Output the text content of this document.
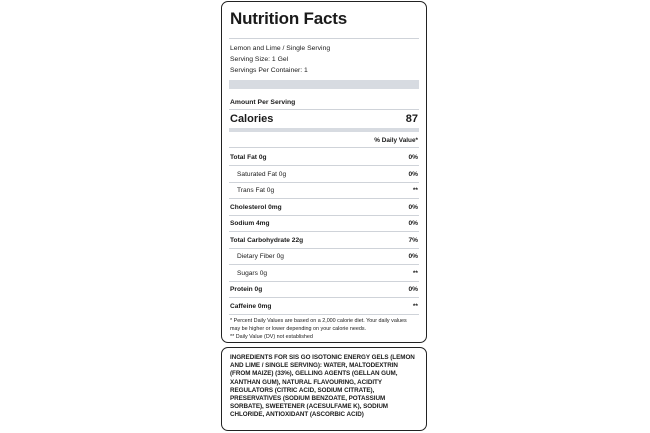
Nutrition Facts
Lemon and Lime / Single Serving
Serving Size: 1 Gel
Servings Per Container: 1
Amount Per Serving
Calories	87
% Daily Value*
Total Fat 0g	0%
Saturated Fat 0g	0%
Trans Fat 0g	**
Cholesterol 0mg	0%
Sodium 4mg	0%
Total Carbohydrate 22g	7%
Dietary Fiber 0g	0%
Sugars 0g	**
Protein 0g	0%
Caffeine 0mg	**
* Percent Daily Values are based on a 2,000 calorie diet. Your daily values may be higher or lower depending on your calorie needs.
** Daily Value (DV) not established
INGREDIENTS FOR SIS GO ISOTONIC ENERGY GELS (LEMON AND LIME / SINGLE SERVING): WATER, MALTODEXTRIN (FROM MAIZE) (33%), GELLING AGENTS (GELLAN GUM, XANTHAN GUM), NATURAL FLAVOURING, ACIDITY REGULATORS (CITRIC ACID, SODIUM CITRATE), PRESERVATIVES (SODIUM BENZOATE, POTASSIUM SORBATE), SWEETENER (ACESULFAME K), SODIUM CHLORIDE, ANTIOXIDANT (ASCORBIC ACID)
